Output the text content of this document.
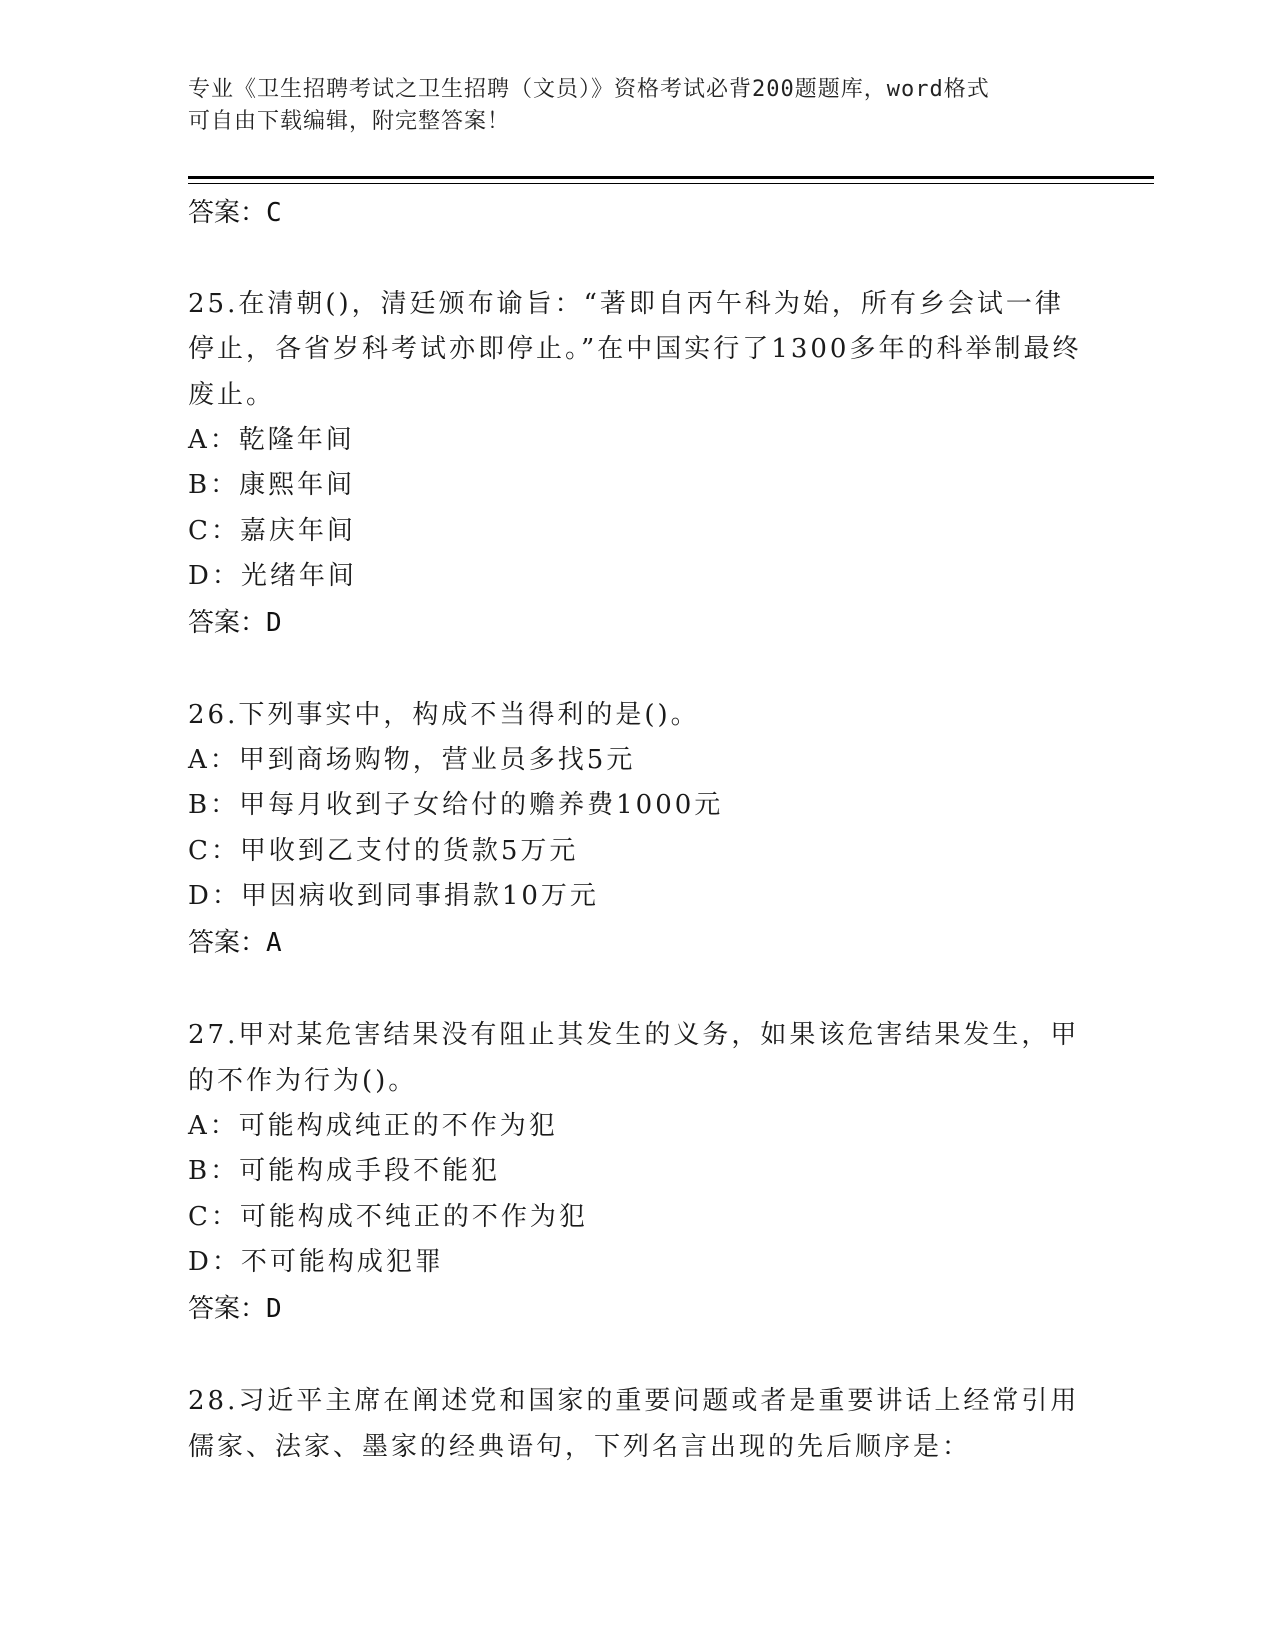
专业《卫生招聘考试之卫生招聘（文员）》资格考试必背200题题库，word格式
可自由下载编辑，附完整答案！
答案：C

25.在清朝()，清廷颁布谕旨：“著即自丙午科为始，所有乡会试一律停止，各省岁科考试亦即停止。”在中国实行了1300多年的科举制最终废止。

A：乾隆年间
B：康熙年间
C：嘉庆年间
D：光绪年间
答案：D

26.下列事实中，构成不当得利的是()。

A：甲到商场购物，营业员多找5元
B：甲每月收到子女给付的赡养费1000元
C：甲收到乙支付的货款5万元
D：甲因病收到同事捐款10万元
答案：A

27.甲对某危害结果没有阻止其发生的义务，如果该危害结果发生，甲的不作为行为()。

A：可能构成纯正的不作为犯
B：可能构成手段不能犯
C：可能构成不纯正的不作为犯
D：不可能构成犯罪
答案：D

28.习近平主席在阐述党和国家的重要问题或者是重要讲话上经常引用儒家、法家、墨家的经典语句，下列名言出现的先后顺序是：
